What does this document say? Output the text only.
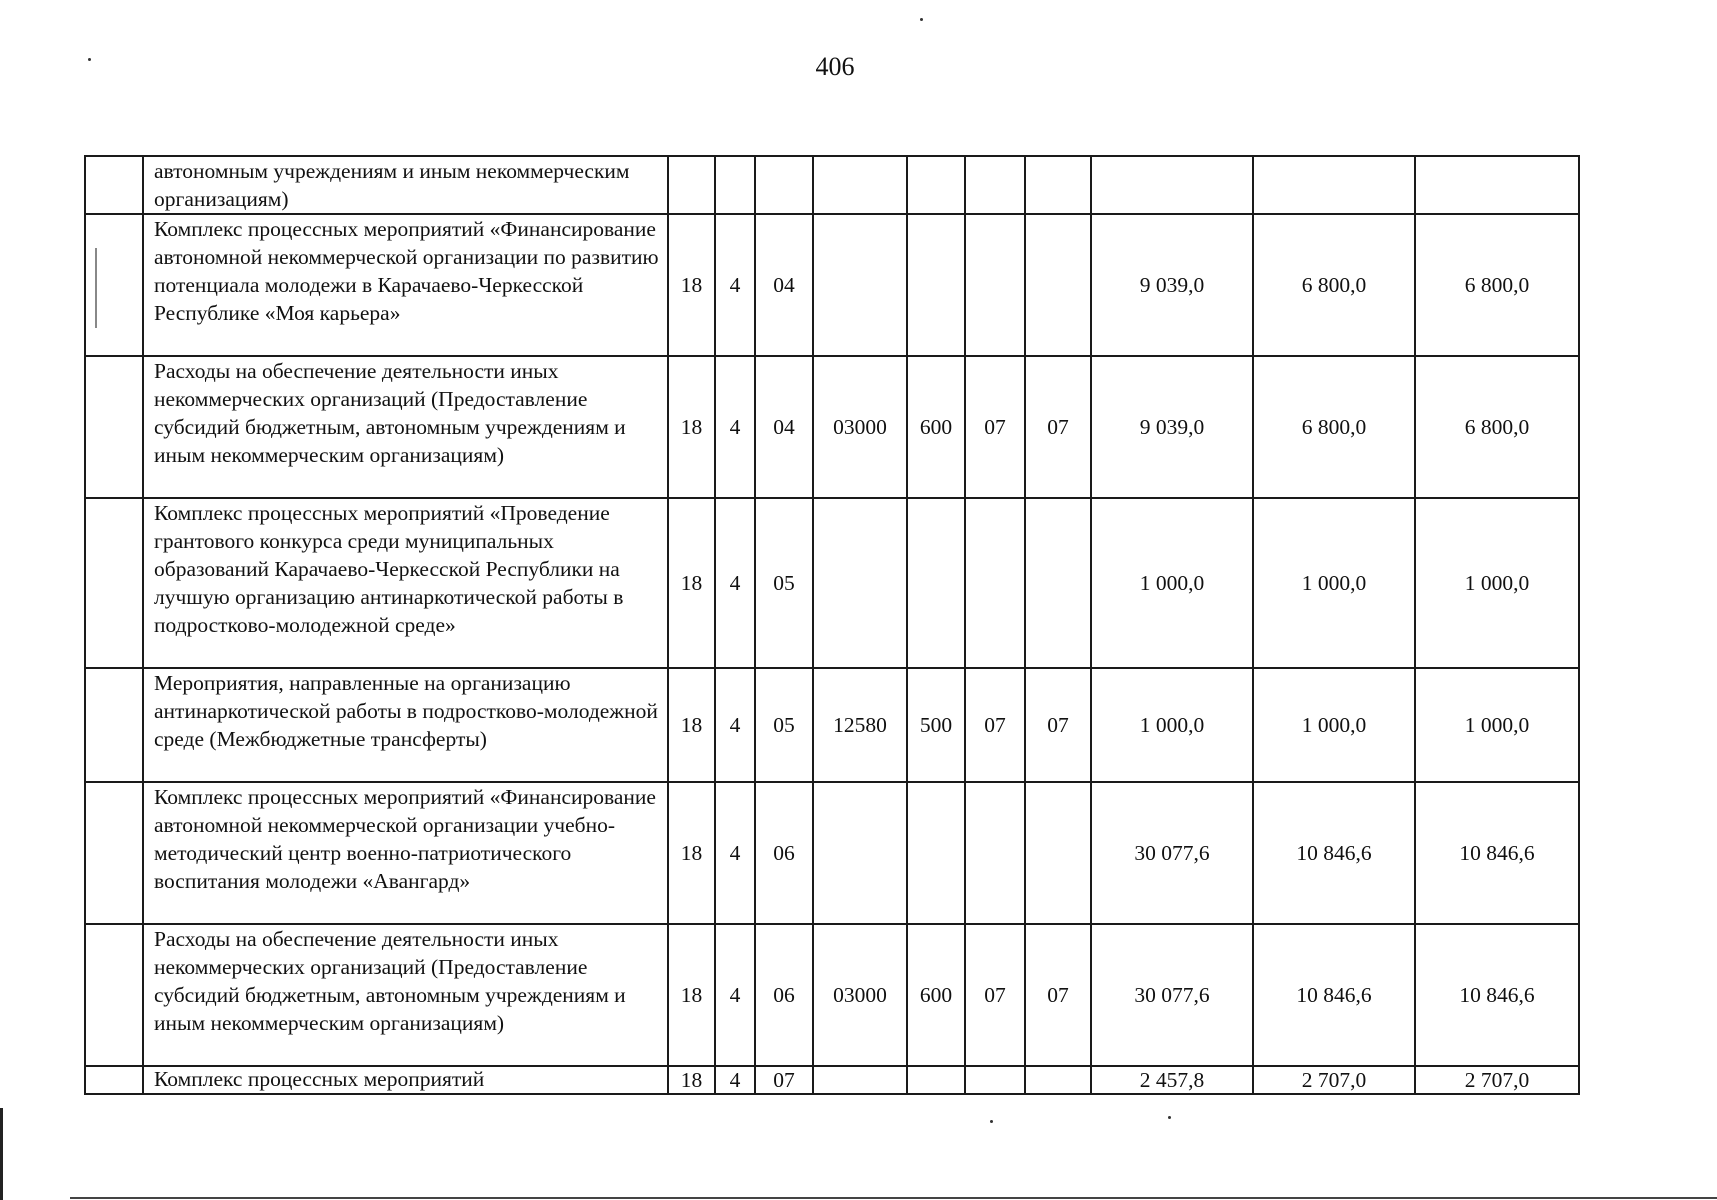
406
	автономным учреждениям и иным некоммерческим организациям)										
	Комплекс процессных мероприятий «Финансирование автономной некоммерческой организации по развитию потенциала молодежи в Карачаево-Черкесской Республике «Моя карьера»	18	4	04					9 039,0	6 800,0	6 800,0
	Расходы на обеспечение деятельности иных некоммерческих организаций (Предоставление субсидий бюджетным, автономным учреждениям и иным некоммерческим организациям)	18	4	04	03000	600	07	07	9 039,0	6 800,0	6 800,0
	Комплекс процессных мероприятий «Проведение грантового конкурса среди муниципальных образований Карачаево-Черкесской Республики на лучшую организацию антинаркотической работы в подростково-молодежной среде»	18	4	05					1 000,0	1 000,0	1 000,0
	Мероприятия, направленные на организацию антинаркотической работы в подростково-молодежной среде (Межбюджетные трансферты)	18	4	05	12580	500	07	07	1 000,0	1 000,0	1 000,0
	Комплекс процессных мероприятий «Финансирование автономной некоммерческой организации учебно-методический центр военно-патриотического воспитания молодежи «Авангард»	18	4	06					30 077,6	10 846,6	10 846,6
	Расходы на обеспечение деятельности иных некоммерческих организаций (Предоставление субсидий бюджетным, автономным учреждениям и иным некоммерческим организациям)	18	4	06	03000	600	07	07	30 077,6	10 846,6	10 846,6
	Комплекс процессных мероприятий	18	4	07					2 457,8	2 707,0	2 707,0
